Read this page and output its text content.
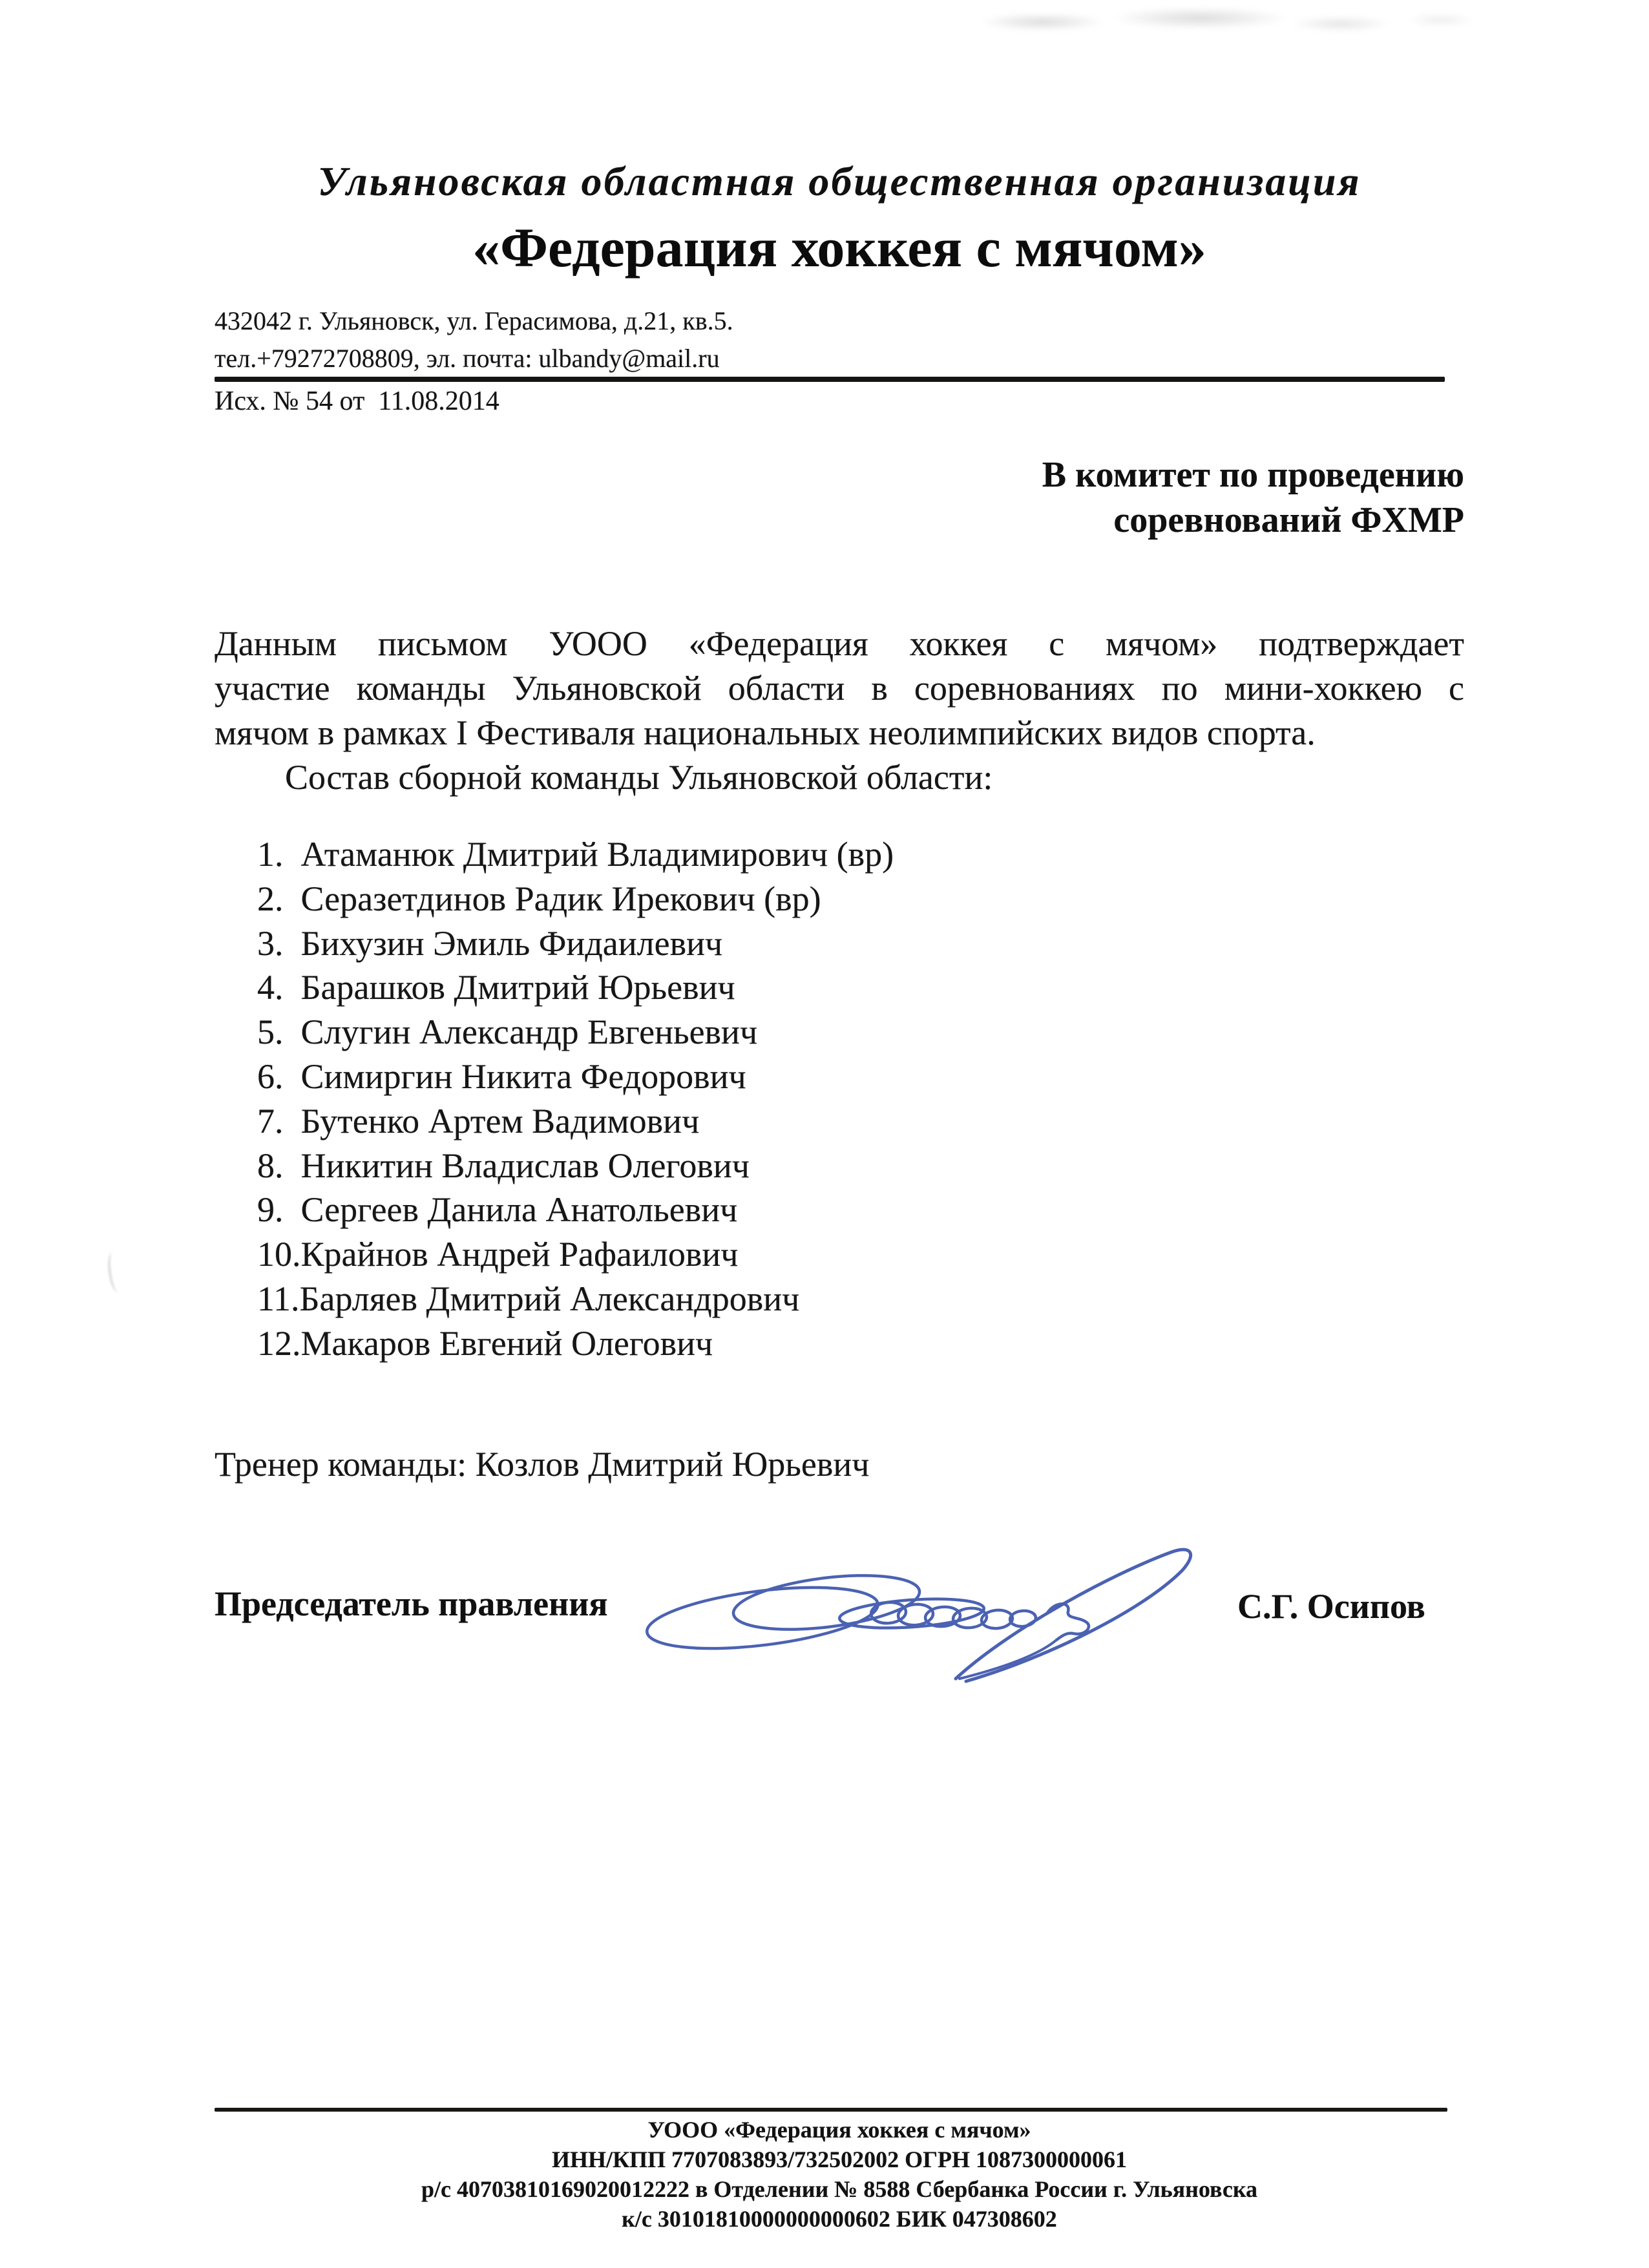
Ульяновская областная общественная организация
«Федерация хоккея с мячом»
432042 г. Ульяновск, ул. Герасимова, д.21, кв.5.
тел.+79272708809, эл. почта: ulbandy@mail.ru
Исх. № 54 от  11.08.2014
В комитет по проведению
соревнований ФХМР
Данным письмом УООО «Федерация хоккея с мячом» подтверждает
участие команды Ульяновской области в соревнованиях по мини-хоккею с
мячом в рамках I Фестиваля национальных неолимпийских видов спорта.
Состав сборной команды Ульяновской области:
1.  Атаманюк Дмитрий Владимирович (вр)
2.  Серазетдинов Радик Ирекович (вр)
3.  Бихузин Эмиль Фидаилевич
4.  Барашков Дмитрий Юрьевич
5.  Слугин Александр Евгеньевич
6.  Симиргин Никита Федорович
7.  Бутенко Артем Вадимович
8.  Никитин Владислав Олегович
9.  Сергеев Данила Анатольевич
10.Крайнов Андрей Рафаилович
11.Барляев Дмитрий Александрович
12.Макаров Евгений Олегович
Тренер команды: Козлов Дмитрий Юрьевич
Председатель правления	С.Г. Осипов
УООО «Федерация хоккея с мячом»
ИНН/КПП 7707083893/732502002 ОГРН 1087300000061
р/с 40703810169020012222 в Отделении № 8588 Сбербанка России г. Ульяновска
к/с 30101810000000000602 БИК 047308602
